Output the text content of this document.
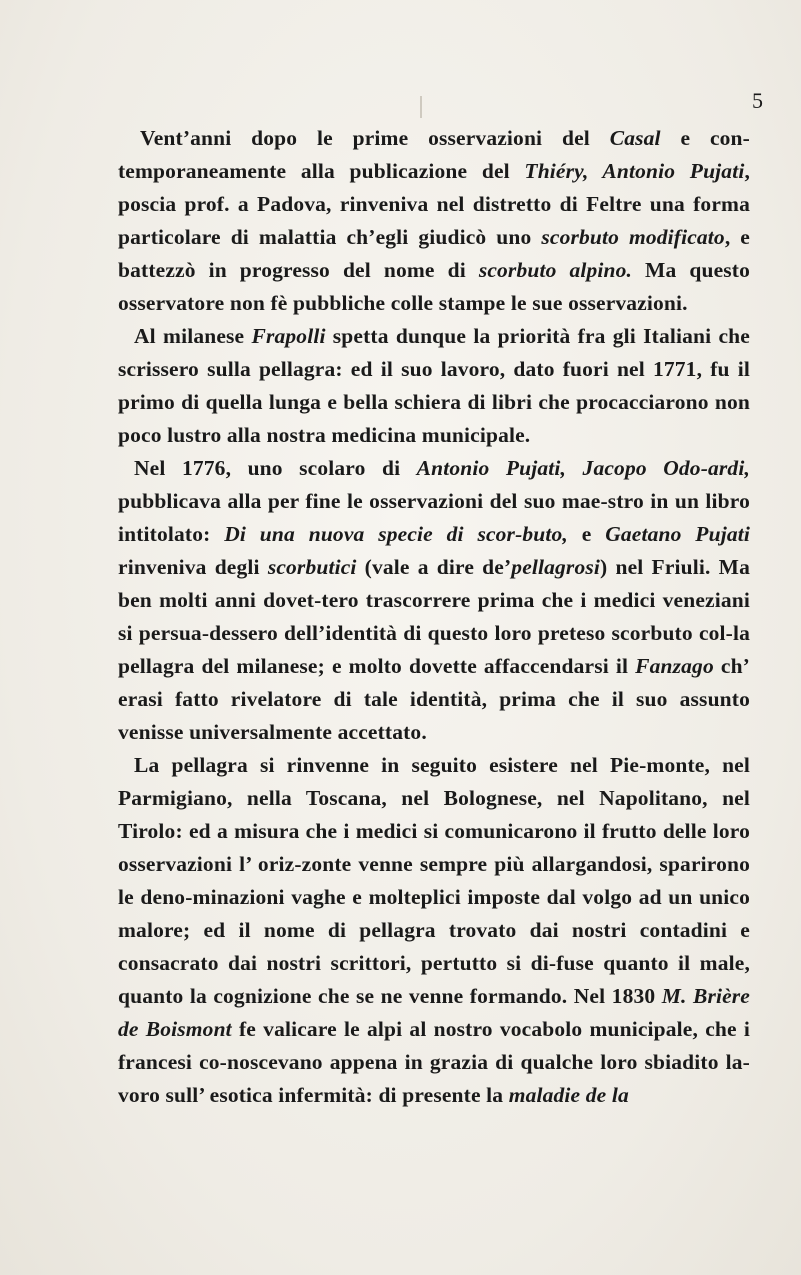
5

Vent’anni dopo le prime osservazioni del Casal e con-temporaneamente alla publicazione del Thiéry, Antonio Pujati, poscia prof. a Padova, rinveniva nel distretto di Feltre una forma particolare di malattia ch’egli giudicò uno scorbuto modificato, e battezzò in progresso del nome di scorbuto alpino. Ma questo osservatore non fè pubbliche colle stampe le sue osservazioni.

Al milanese Frapolli spetta dunque la priorità fra gli Italiani che scrissero sulla pellagra: ed il suo lavoro, dato fuori nel 1771, fu il primo di quella lunga e bella schiera di libri che procacciarono non poco lustro alla nostra medicina municipale.

Nel 1776, uno scolaro di Antonio Pujati, Jacopo Odo-ardi, pubblicava alla per fine le osservazioni del suo mae-stro in un libro intitolato: Di una nuova specie di scor-buto, e Gaetano Pujati rinveniva degli scorbutici (vale a dire de’pellagrosi) nel Friuli. Ma ben molti anni dovet-tero trascorrere prima che i medici veneziani si persua-dessero dell’identità di questo loro preteso scorbuto col-la pellagra del milanese; e molto dovette affaccendarsi il Fanzago ch’ erasi fatto rivelatore di tale identità, prima che il suo assunto venisse universalmente accettato.

La pellagra si rinvenne in seguito esistere nel Pie-monte, nel Parmigiano, nella Toscana, nel Bolognese, nel Napolitano, nel Tirolo: ed a misura che i medici si comunicarono il frutto delle loro osservazioni l’ oriz-zonte venne sempre più allargandosi, sparirono le deno-minazioni vaghe e molteplici imposte dal volgo ad un unico malore; ed il nome di pellagra trovato dai nostri contadini e consacrato dai nostri scrittori, pertutto si di-fuse quanto il male, quanto la cognizione che se ne venne formando. Nel 1830 M. Brière de Boismont fe valicare le alpi al nostro vocabolo municipale, che i francesi co-noscevano appena in grazia di qualche loro sbiadito la-voro sull’ esotica infermità: di presente la maladie de la
